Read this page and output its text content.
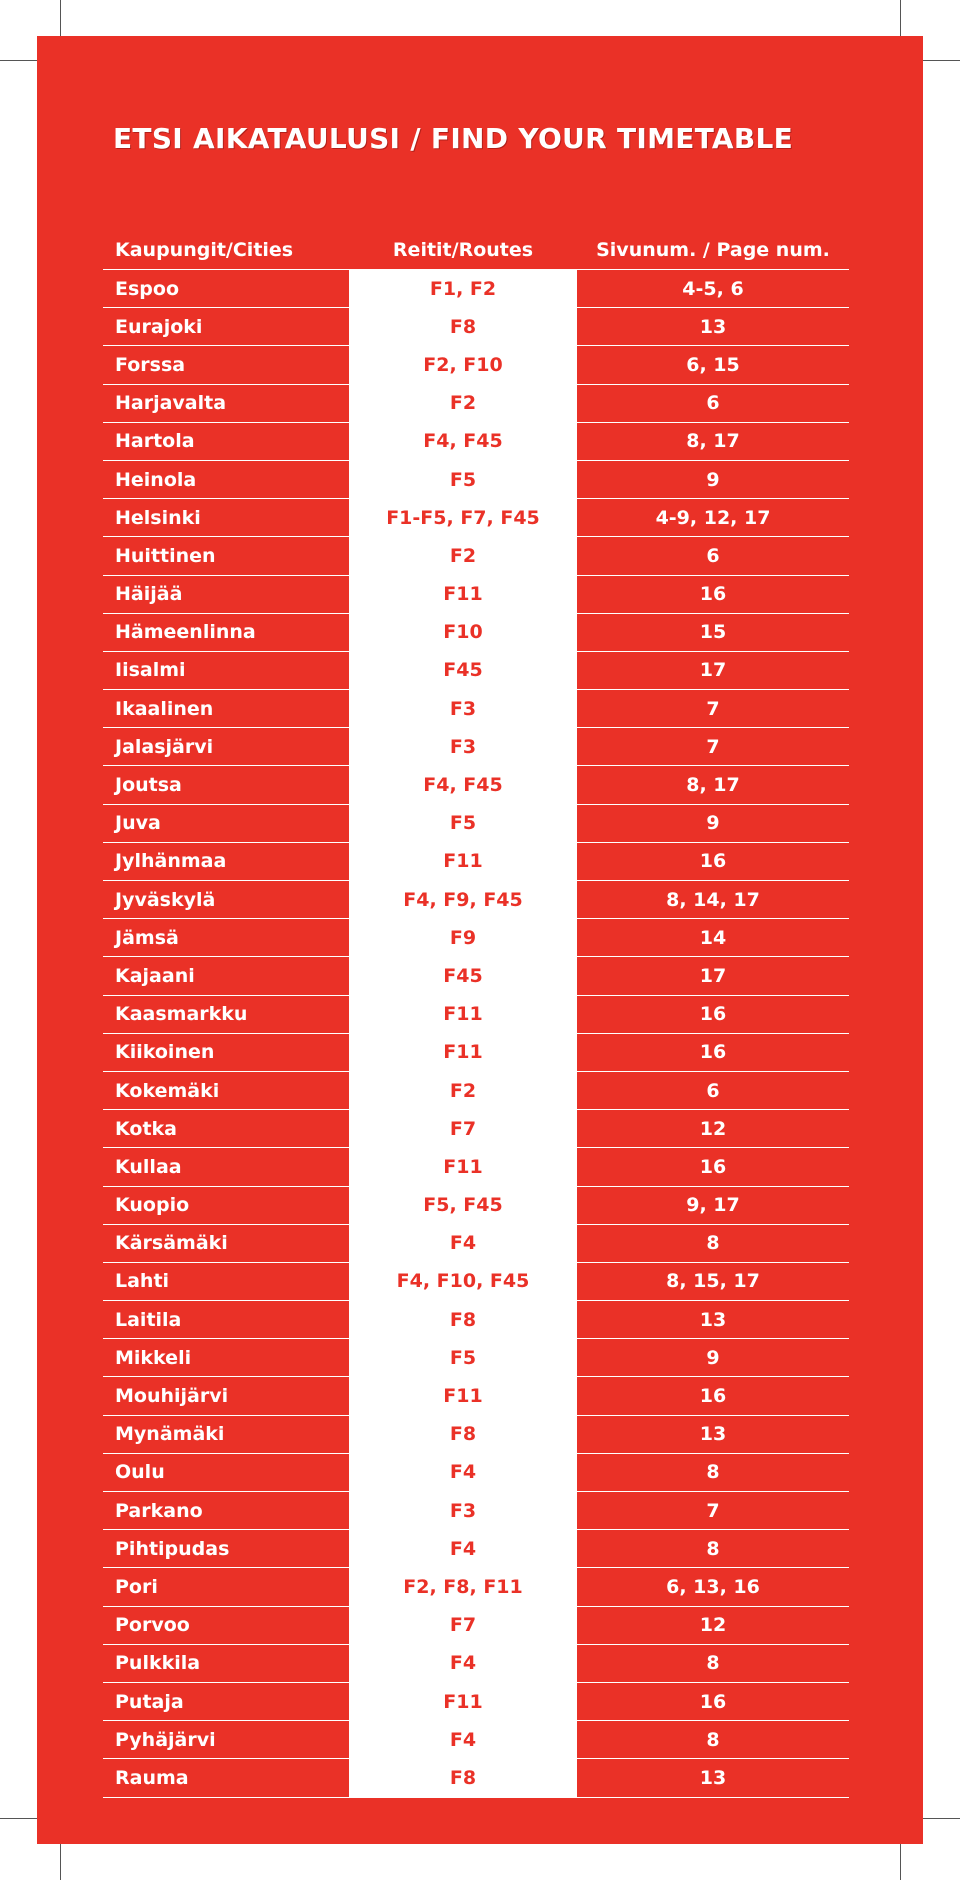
ETSI AIKATAULUSI / FIND YOUR TIMETABLE
Kaupungit/Cities	Reitit/Routes	Sivunum. / Page num.
Espoo	F1, F2	4-5, 6
Eurajoki	F8	13
Forssa	F2, F10	6, 15
Harjavalta	F2	6
Hartola	F4, F45	8, 17
Heinola	F5	9
Helsinki	F1-F5, F7, F45	4-9, 12, 17
Huittinen	F2	6
Häijää	F11	16
Hämeenlinna	F10	15
Iisalmi	F45	17
Ikaalinen	F3	7
Jalasjärvi	F3	7
Joutsa	F4, F45	8, 17
Juva	F5	9
Jylhänmaa	F11	16
Jyväskylä	F4, F9, F45	8, 14, 17
Jämsä	F9	14
Kajaani	F45	17
Kaasmarkku	F11	16
Kiikoinen	F11	16
Kokemäki	F2	6
Kotka	F7	12
Kullaa	F11	16
Kuopio	F5, F45	9, 17
Kärsämäki	F4	8
Lahti	F4, F10, F45	8, 15, 17
Laitila	F8	13
Mikkeli	F5	9
Mouhijärvi	F11	16
Mynämäki	F8	13
Oulu	F4	8
Parkano	F3	7
Pihtipudas	F4	8
Pori	F2, F8, F11	6, 13, 16
Porvoo	F7	12
Pulkkila	F4	8
Putaja	F11	16
Pyhäjärvi	F4	8
Rauma	F8	13
